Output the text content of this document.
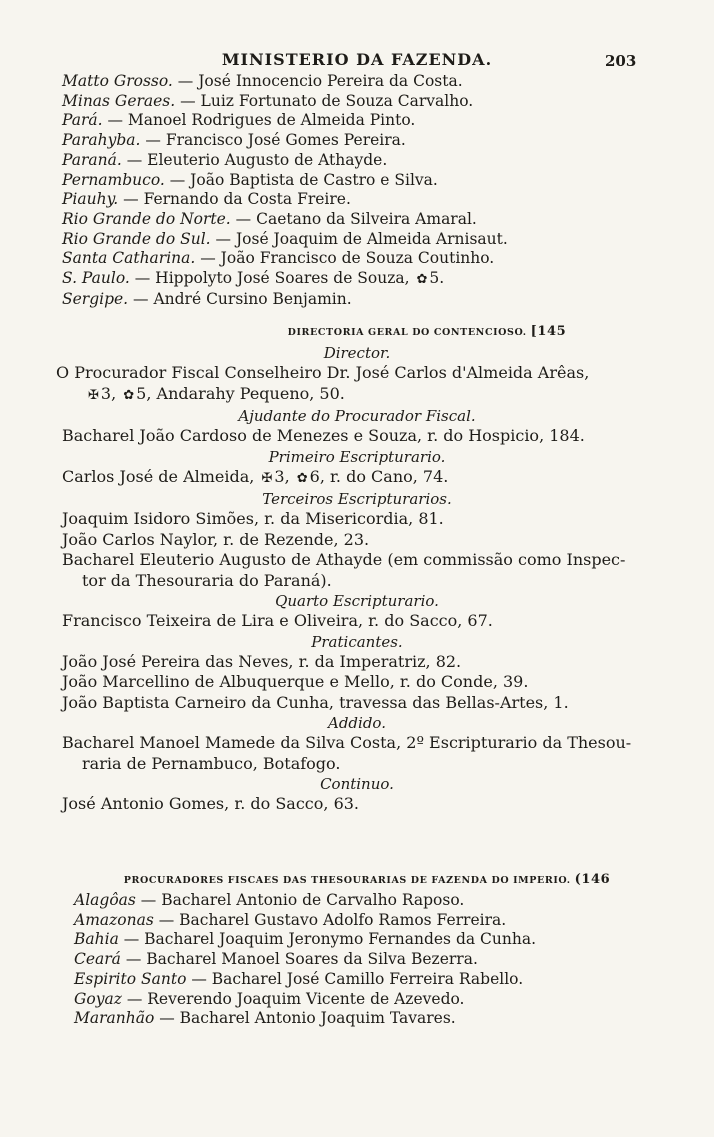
MINISTERIO DA FAZENDA.	203
Matto Grosso. — José Innocencio Pereira da Costa.
Minas Geraes. — Luiz Fortunato de Souza Carvalho.
Pará. — Manoel Rodrigues de Almeida Pinto.
Parahyba. — Francisco José Gomes Pereira.
Paraná. — Eleuterio Augusto de Athayde.
Pernambuco. — João Baptista de Castro e Silva.
Piauhy. — Fernando da Costa Freire.
Rio Grande do Norte. — Caetano da Silveira Amaral.
Rio Grande do Sul. — José Joaquim de Almeida Arnisaut.
Santa Catharina. — João Francisco de Souza Coutinho.
S. Paulo. — Hippolyto José Soares de Souza, ✿ 5.
Sergipe. — André Cursino Benjamin.
DIRECTORIA GERAL DO CONTENCIOSO. [145
Director.
O Procurador Fiscal Conselheiro Dr. José Carlos d'Almeida Arêas,
✠ 3, ✿ 5, Andarahy Pequeno, 50.
Ajudante do Procurador Fiscal.
Bacharel João Cardoso de Menezes e Souza, r. do Hospicio, 184.
Primeiro Escripturario.
Carlos José de Almeida, ✠ 3, ✿ 6, r. do Cano, 74.
Terceiros Escripturarios.
Joaquim Isidoro Simões, r. da Misericordia, 81.
João Carlos Naylor, r. de Rezende, 23.
Bacharel Eleuterio Augusto de Athayde (em commissão como Inspec-
tor da Thesouraria do Paraná).
Quarto Escripturario.
Francisco Teixeira de Lira e Oliveira, r. do Sacco, 67.
Praticantes.
João José Pereira das Neves, r. da Imperatriz, 82.
João Marcellino de Albuquerque e Mello, r. do Conde, 39.
João Baptista Carneiro da Cunha, travessa das Bellas-Artes, 1.
Addido.
Bacharel Manoel Mamede da Silva Costa, 2º Escripturario da Thesou-
raria de Pernambuco, Botafogo.
Continuo.
José Antonio Gomes, r. do Sacco, 63.
PROCURADORES FISCAES DAS THESOURARIAS DE FAZENDA DO IMPERIO. (146
Alagôas — Bacharel Antonio de Carvalho Raposo.
Amazonas — Bacharel Gustavo Adolfo Ramos Ferreira.
Bahia — Bacharel Joaquim Jeronymo Fernandes da Cunha.
Ceará — Bacharel Manoel Soares da Silva Bezerra.
Espirito Santo — Bacharel José Camillo Ferreira Rabello.
Goyaz — Reverendo Joaquim Vicente de Azevedo.
Maranhão — Bacharel Antonio Joaquim Tavares.
